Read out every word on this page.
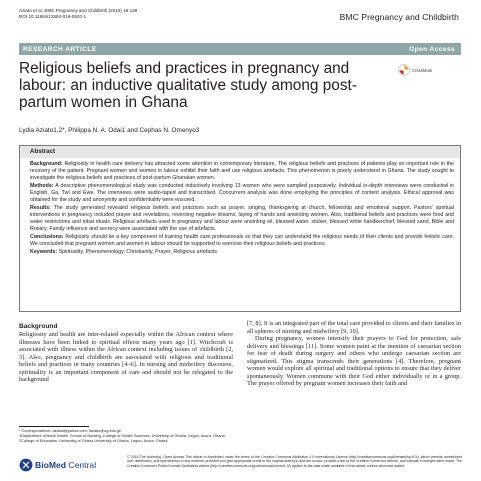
Aziato et al. BMC Pregnancy and Childbirth (2016) 16:138
DOI 10.1186/s12884-016-0920-1	BMC Pregnancy and Childbirth
RESEARCH ARTICLE	Open Access
Religious beliefs and practices in pregnancy and labour: an inductive qualitative study among post-partum women in Ghana
CrossMark
Lydia Aziato1,2*, Philippa N. A. Odai1 and Cephas N. Omenyo3
Abstract

Background: Religiosity in health care delivery has attracted some attention in contemporary literature. The religious beliefs and practices of patients play an important role in the recovery of the patient. Pregnant women and women in labour exhibit their faith and use religious artefacts. This phenomenon is poorly understood in Ghana. The study sought to investigate the religious beliefs and practices of post-partum Ghanaian women.

Methods: A descriptive phenomenological study was conducted inductively involving 13 women who were sampled purposively. Individual in-depth interviews were conducted in English, Ga, Twi and Ewe. The interviews were audio-taped and transcribed. Concurrent analysis was done employing the principles of content analysis. Ethical approval was obtained for the study and anonymity and confidentiality were ensured.

Results: The study generated revealed religious beliefs and practices such as prayer, singing, thanksgiving at church, fellowship and emotional support. Pastors' spiritual interventions in pregnancy included prayer and revelations, reversing negative dreams, laying of hands and anointing women. Also, traditional beliefs and practices were food and water restrictions and tribal rituals. Religious artefacts used in pregnancy and labour were anointing oil, blessed water, sticker, blessed white handkerchief, blessed sand, Bible and Rosary. Family influence and secrecy were associated with the use of artefacts.

Conclusions: Religiosity should be a key component of training health care professionals so that they can understand the religious needs of their clients and provide holistic care. We concluded that pregnant women and women in labour should be supported to exercise their religious beliefs and practices.

Keywords: Spirituality, Phenomenology, Christianity, Prayer, Religious artefacts

Background

Religiosity and health are inter-related especially within the African context where illnesses have been linked to spiritual effects many years ago [1]. Witchcraft is associated with illness within the African context including issues of childbirth [2, 3]. Also, pregnancy and childbirth are associated with religious and traditional beliefs and practices in many countries [4–6]. In nursing and midwifery discourse, spirituality is an important component of care and should not be relegated to the background

[7, 8]. It is an integrated part of the total care provided to clients and their families in all spheres of nursing and midwifery [9, 10].

During pregnancy, women intensify their prayers to God for protection, safe delivery and blessings [11]. Some women paint at the mention of caesarian section for fear of death during surgery and others who undergo caesarian section are stigmatized. This stigma transcends their generations [4]. Therefore, pregnant women would explore all spiritual and traditional options to ensure that they deliver spontaneously. Women commune with their God either individually or in a group. The prayer offered by pregnant women increases their faith and

* Correspondence: azlatol@yahoo.com; laziato@ug.edu.gh
1Department of Adult Health, School of Nursing, College of Health Sciences, University of Ghana, Legon, Accra, Ghana
2College of Education, University of Ghana University of Ghana, Legon, Accra, Ghana
BioMed Central
© 2016 The Author(s). Open Access This article is distributed under the terms of the Creative Commons Attribution 4.0 International License (http://creativecommons.org/licenses/by/4.0/), which permits unrestricted use, distribution, and reproduction in any medium, provided you give appropriate credit to the original author(s) and the source, provide a link to the Creative Commons license, and indicate if changes were made. The Creative Commons Public Domain Dedication waiver (http://creativecommons.org/publicdomain/zero/1.0/) applies to the data made available in this article, unless otherwise stated.
